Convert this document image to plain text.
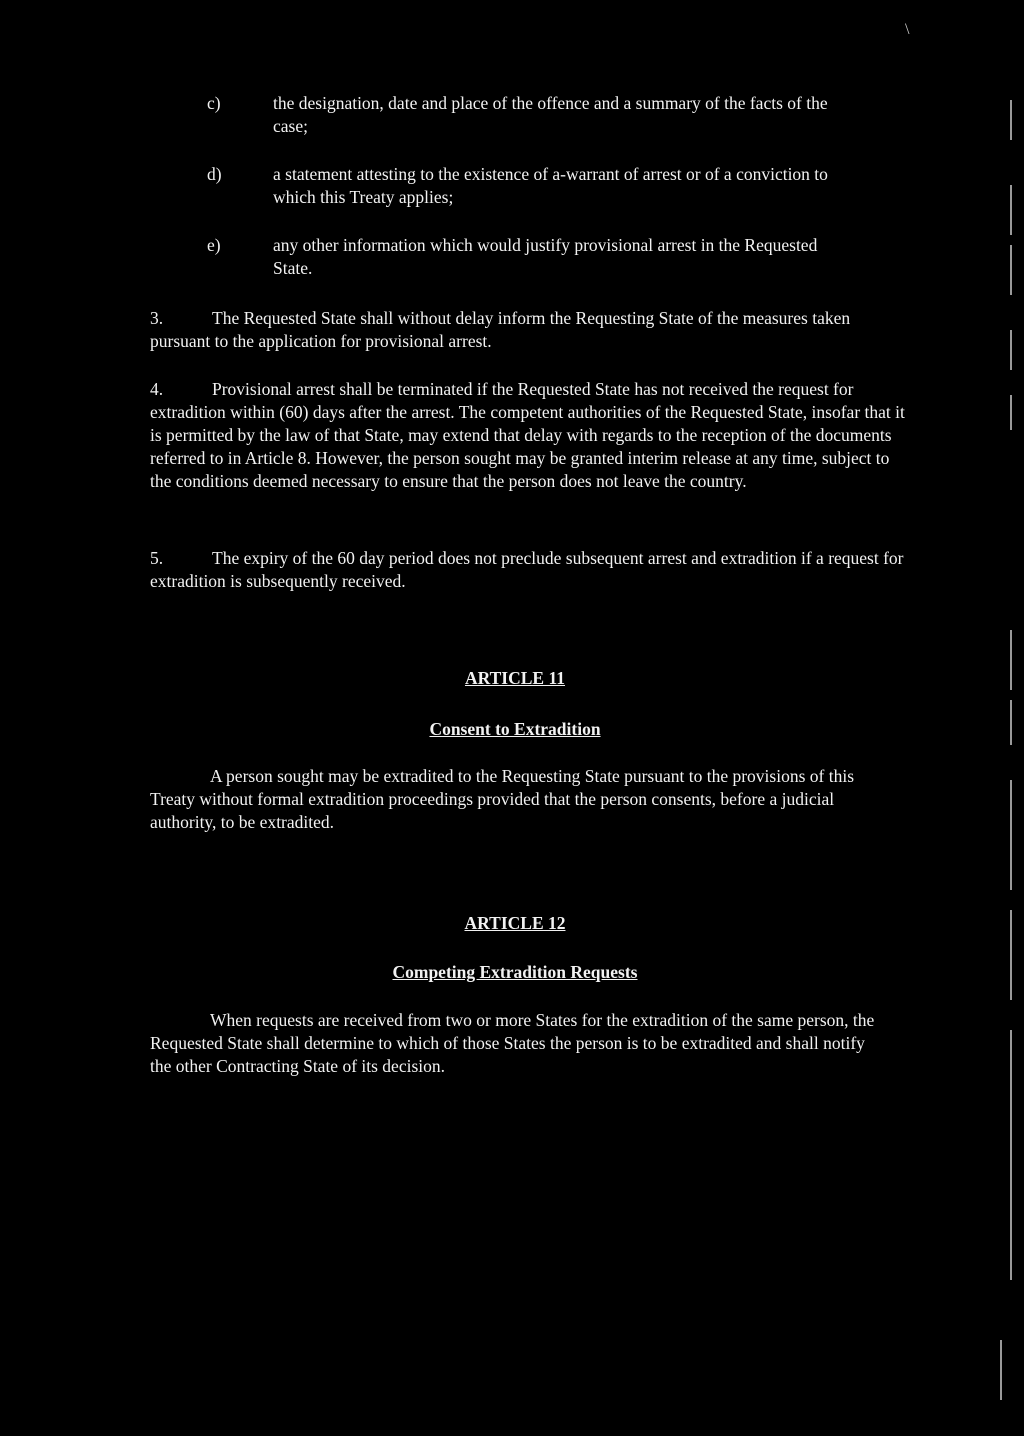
\
c)	the designation, date and place of the offence and a summary of the facts of the case;
d)	a statement attesting to the existence of a-warrant of arrest or of a conviction to which this Treaty applies;
e)	any other information which would justify provisional arrest in the Requested State.
3.	The Requested State shall without delay inform the Requesting State of the measures taken pursuant to the application for provisional arrest.
4.	Provisional arrest shall be terminated if the Requested State has not received the request for extradition within (60) days after the arrest. The competent authorities of the Requested State, insofar that it is permitted by the law of that State, may extend that delay with regards to the reception of the documents referred to in Article 8. However, the person sought may be granted interim release at any time, subject to the conditions deemed necessary to ensure that the person does not leave the country.
5.	The expiry of the 60 day period does not preclude subsequent arrest and extradition if a request for extradition is subsequently received.
ARTICLE 11
Consent to Extradition
A person sought may be extradited to the Requesting State pursuant to the provisions of this Treaty without formal extradition proceedings provided that the person consents, before a judicial authority, to be extradited.
ARTICLE 12
Competing Extradition Requests
When requests are received from two or more States for the extradition of the same person, the Requested State shall determine to which of those States the person is to be extradited and shall notify the other Contracting State of its decision.
